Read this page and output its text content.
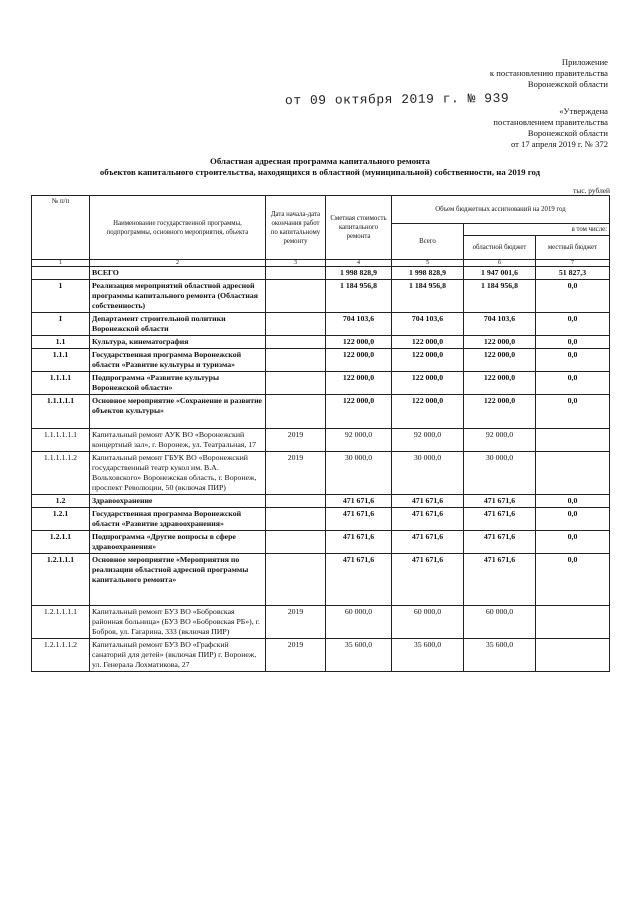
Приложение
к постановлению правительства
Воронежской области
от 09 октября 2019 г. № 939
«Утверждена
постановлением правительства
Воронежской области
от 17 апреля 2019 г. № 372
Областная адресная программа капитального ремонта
объектов капитального строительства, находящихся в областной (муниципальной) собственности, на 2019 год
тыс. рублей
№ п/п	Наименование государственной программы, подпрограммы, основного мероприятия, объекта	Дата начала-дата окончания работ по капитальному ремонту	Сметная стоимость капитального ремонта	Объем бюджетных ассигнований на 2019 год		
				Всего	в том числе:	
					областной бюджет	местный бюджет
1	2	3	4	5	6	7
	ВСЕГО		1 998 828,9	1 998 828,9	1 947 001,6	51 827,3
1	Реализация мероприятий областной адресной программы капитального ремонта (Областная собственность)		1 184 956,8	1 184 956,8	1 184 956,8	0,0
I	Департамент строительной политики Воронежской области		704 103,6	704 103,6	704 103,6	0,0
1.1	Культура, кинематография		122 000,0	122 000,0	122 000,0	0,0
1.1.1	Государственная программа Воронежской области «Развитие культуры и туризма»		122 000,0	122 000,0	122 000,0	0,0
1.1.1.1	Подпрограмма «Развитие культуры Воронежской области»		122 000,0	122 000,0	122 000,0	0,0
1.1.1.1.1	Основное мероприятие «Сохранение и развитие объектов культуры»		122 000,0	122 000,0	122 000,0	0,0
1.1.1.1.1.1	Капитальный ремонт АУК ВО «Воронежский концертный зал», г. Воронеж, ул. Театральная, 17	2019	92 000,0	92 000,0	92 000,0	
1.1.1.1.1.2	Капитальный ремонт ГБУК ВО «Воронежский государственный театр кукол им. В.А. Вольховского» Воронежская область, г. Воронеж, проспект Революции, 50 (включая ПИР)	2019	30 000,0	30 000,0	30 000,0	
1.2	Здравоохранение		471 671,6	471 671,6	471 671,6	0,0
1.2.1	Государственная программа Воронежской области «Развитие здравоохранения»		471 671,6	471 671,6	471 671,6	0,0
1.2.1.1	Подпрограмма «Другие вопросы в сфере здравоохранения»		471 671,6	471 671,6	471 671,6	0,0
1.2.1.1.1	Основное мероприятие «Мероприятия по реализации областной адресной программы капитального ремонта»		471 671,6	471 671,6	471 671,6	0,0
1.2.1.1.1.1	Капитальный ремонт БУЗ ВО «Бобровская районная больница» (БУЗ ВО «Бобровская РБ»), г. Бобров, ул. Гагарина, 333 (включая ПИР)	2019	60 000,0	60 000,0	60 000,0	
1.2.1.1.1.2	Капитальный ремонт БУЗ ВО «Графский санаторий для детей» (включая ПИР) г. Воронеж, ул. Генерала Лохматикова, 27	2019	35 600,0	35 600,0	35 600,0	
